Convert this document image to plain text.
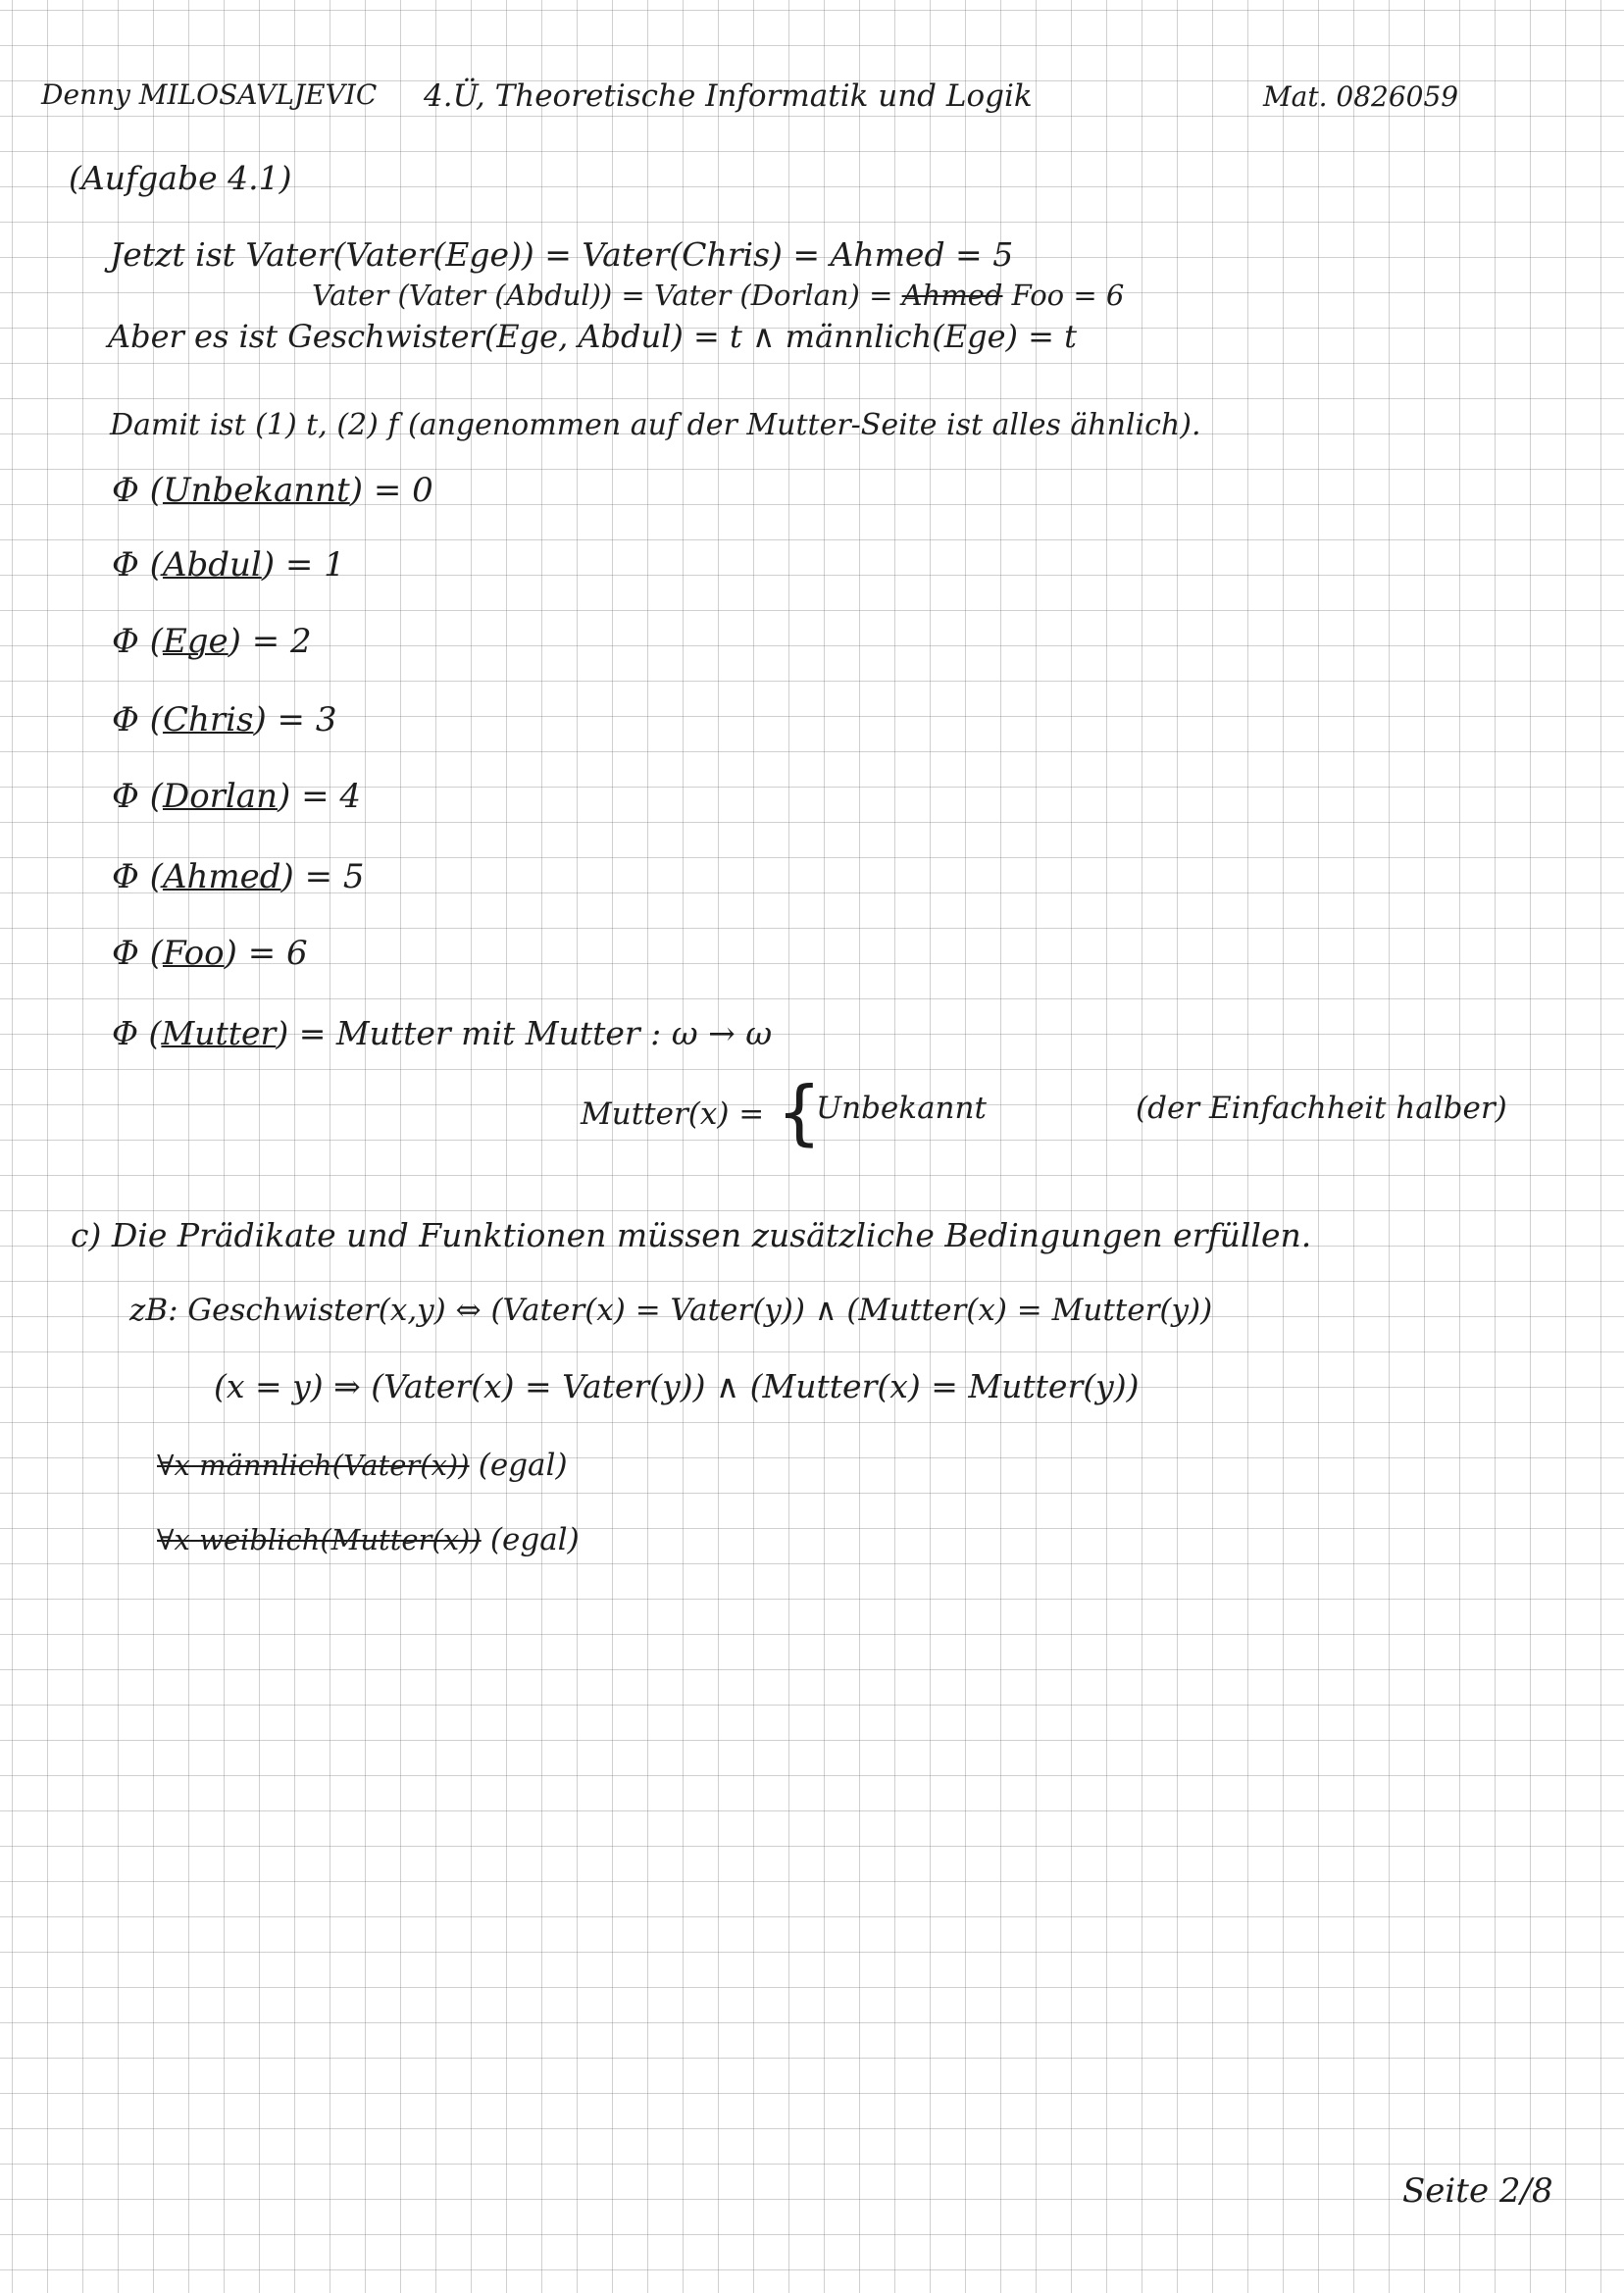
Denny MILOSAVLJEVIC 4.Ü, Theoretische Informatik und Logik	Mat. 0826059
(Aufgabe 4.1)
Jetzt ist Vater(Vater(Ege)) = Vater(Chris) = Ahmed = 5
Vater (Vater (Abdul)) = Vater (Dorlan) = Ahmed Foo = 6
Aber es ist Geschwister(Ege, Abdul) = t ∧ männlich(Ege) = t
Damit ist (1) t, (2) f (angenommen auf der Mutter-Seite ist alles ähnlich).
Φ (Unbekannt) = 0
Φ (Abdul) = 1
Φ (Ege) = 2
Φ (Chris) = 3
Φ (Dorlan) = 4
Φ (Ahmed) = 5
Φ (Foo) = 6
Φ (Mutter) = Mutter mit Mutter : ω → ω
Mutter(x) = {
Unbekannt	(der Einfachheit halber)
c) Die Prädikate und Funktionen müssen zusätzliche Bedingungen erfüllen.
zB: Geschwister(x,y) ⇔ (Vater(x) = Vater(y)) ∧ (Mutter(x) = Mutter(y))
(x = y) ⇒ (Vater(x) = Vater(y)) ∧ (Mutter(x) = Mutter(y))
∀x männlich(Vater(x)) (egal)
∀x weiblich(Mutter(x)) (egal)
Seite 2/8
